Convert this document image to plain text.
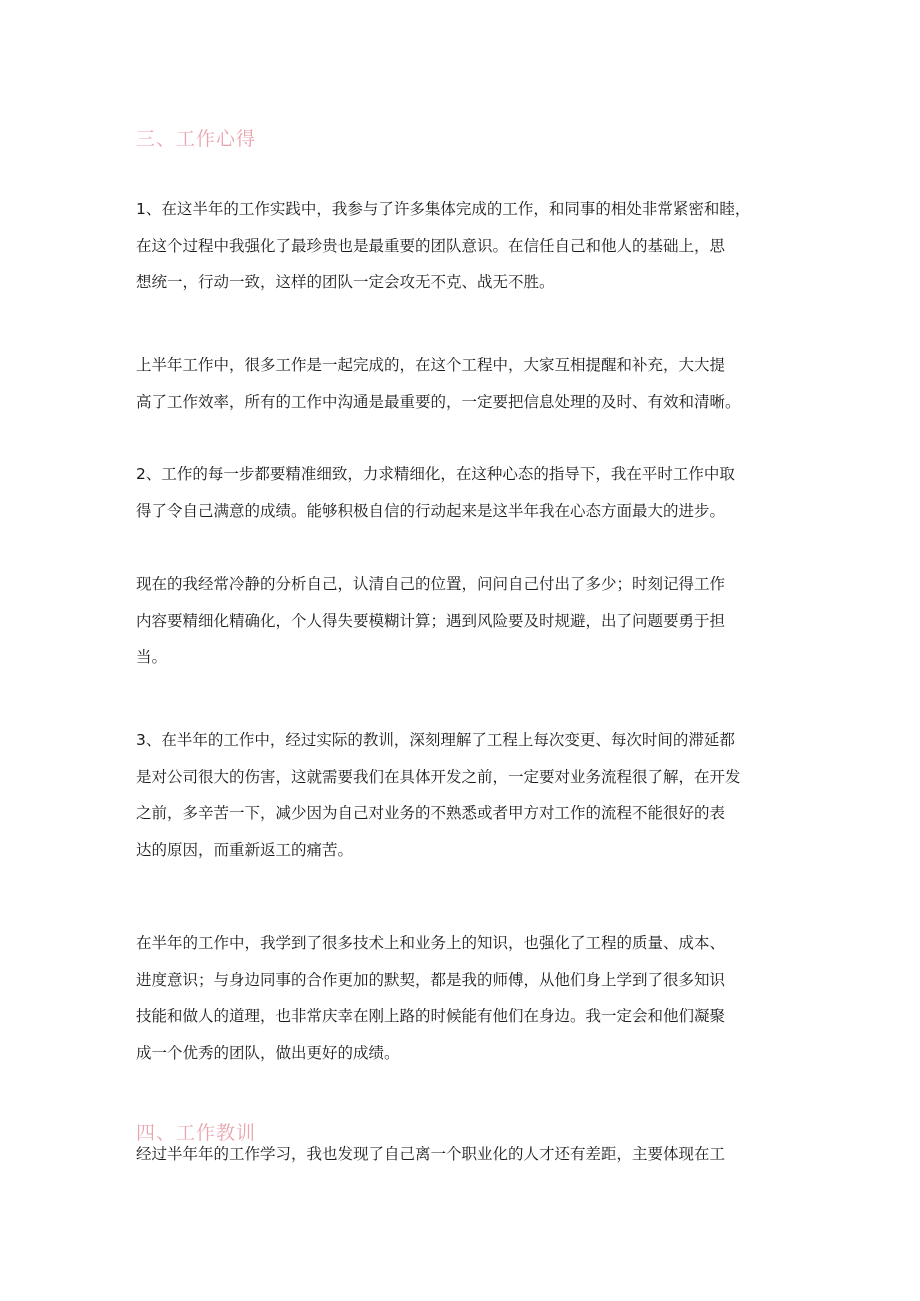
三、工作心得

1、在这半年的工作实践中，我参与了许多集体完成的工作，和同事的相处非常紧密和睦，
在这个过程中我强化了最珍贵也是最重要的团队意识。在信任自己和他人的基础上，思
想统一，行动一致，这样的团队一定会攻无不克、战无不胜。

上半年工作中，很多工作是一起完成的，在这个工程中，大家互相提醒和补充，大大提
高了工作效率，所有的工作中沟通是最重要的，一定要把信息处理的及时、有效和清晰。

2、工作的每一步都要精准细致，力求精细化，在这种心态的指导下，我在平时工作中取
得了令自己满意的成绩。能够积极自信的行动起来是这半年我在心态方面最大的进步。

现在的我经常冷静的分析自己，认清自己的位置，问问自己付出了多少；时刻记得工作
内容要精细化精确化，个人得失要模糊计算；遇到风险要及时规避，出了问题要勇于担
当。

3、在半年的工作中，经过实际的教训，深刻理解了工程上每次变更、每次时间的滞延都
是对公司很大的伤害，这就需要我们在具体开发之前，一定要对业务流程很了解，在开发
之前，多辛苦一下，减少因为自己对业务的不熟悉或者甲方对工作的流程不能很好的表
达的原因，而重新返工的痛苦。

在半年的工作中，我学到了很多技术上和业务上的知识，也强化了工程的质量、成本、
进度意识；与身边同事的合作更加的默契，都是我的师傅，从他们身上学到了很多知识
技能和做人的道理，也非常庆幸在刚上路的时候能有他们在身边。我一定会和他们凝聚
成一个优秀的团队，做出更好的成绩。

四、工作教训

经过半年年的工作学习，我也发现了自己离一个职业化的人才还有差距，主要体现在工
